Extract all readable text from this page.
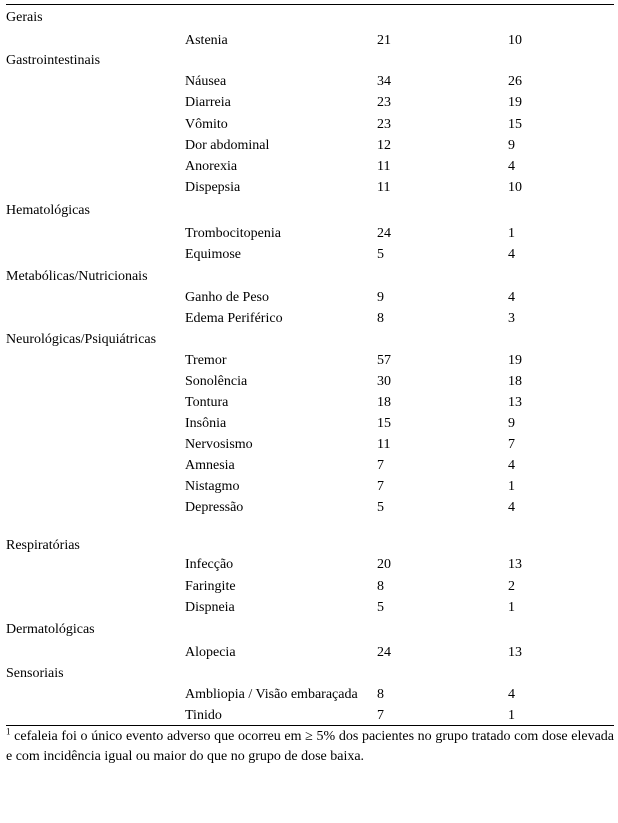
Gerais
Astenia	21	10
Gastrointestinais
Náusea	34	26
Diarreia	23	19
Vômito	23	15
Dor abdominal	12	9
Anorexia	11	4
Dispepsia	11	10
Hematológicas
Trombocitopenia	24	1
Equimose	5	4
Metabólicas/Nutricionais
Ganho de Peso	9	4
Edema Periférico	8	3
Neurológicas/Psiquiátricas
Tremor	57	19
Sonolência	30	18
Tontura	18	13
Insônia	15	9
Nervosismo	11	7
Amnesia	7	4
Nistagmo	7	1
Depressão	5	4
Respiratórias
Infecção	20	13
Faringite	8	2
Dispneia	5	1
Dermatológicas
Alopecia	24	13
Sensoriais
Ambliopia / Visão embaraçada 8	4
Tinido	7	1
$^1$ cefaleia foi o único evento adverso que ocorreu em ≥ 5% dos pacientes no grupo tratado com dose elevada e com incidência igual ou maior do que no grupo de dose baixa.
